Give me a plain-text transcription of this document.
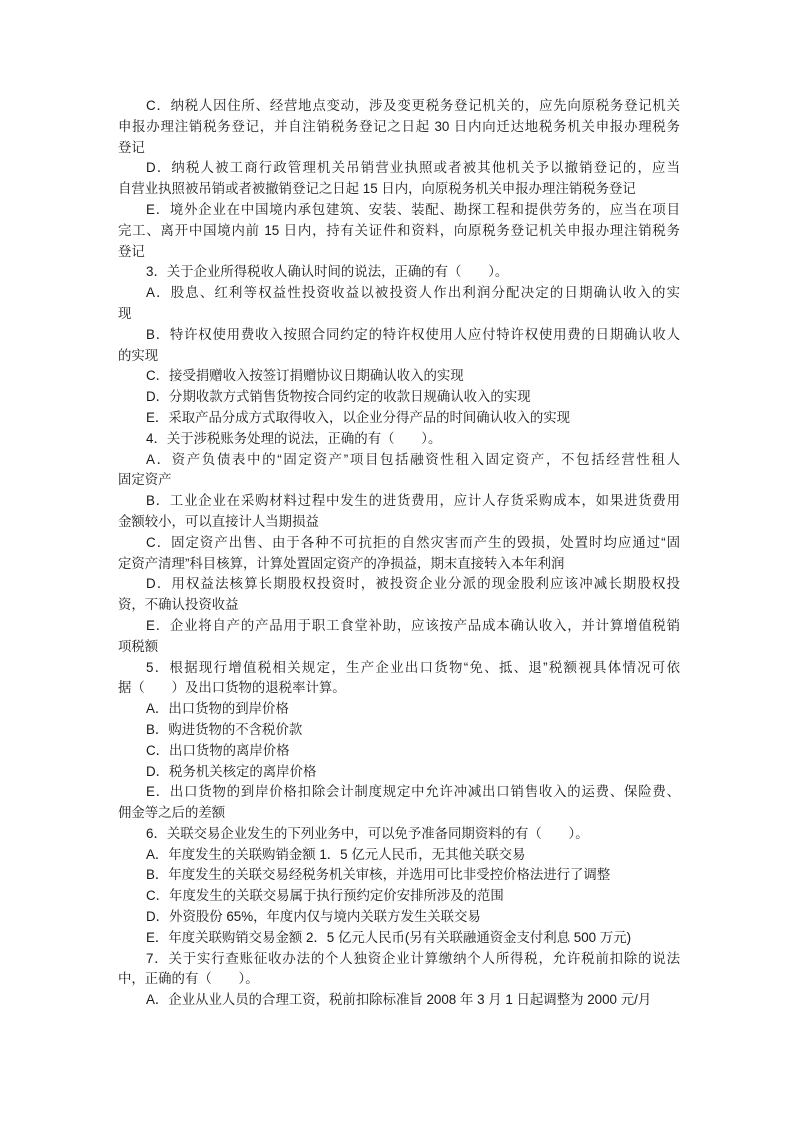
C．纳税人因住所、经营地点变动，涉及变更税务登记机关的，应先向原税务登记机关
申报办理注销税务登记，并自注销税务登记之日起 30 日内向迁达地税务机关申报办理税务
登记
D．纳税人被工商行政管理机关吊销营业执照或者被其他机关予以撤销登记的，应当
自营业执照被吊销或者被撤销登记之日起 15 日内，向原税务机关申报办理注销税务登记
E．境外企业在中国境内承包建筑、安装、装配、勘探工程和提供劳务的，应当在项目
完工、离开中国境内前 15 日内，持有关证件和资料，向原税务登记机关申报办理注销税务
登记
3．关于企业所得税收人确认时间的说法，正确的有（　　）。
A．股息、红利等权益性投资收益以被投资人作出利润分配决定的日期确认收入的实
现
B．特许权使用费收入按照合同约定的特许权使用人应付特许权使用费的日期确认收人
的实现
C．接受捐赠收入按签订捐赠协议日期确认收入的实现
D．分期收款方式销售货物按合同约定的收款日规确认收入的实现
E．采取产品分成方式取得收入，以企业分得产品的时间确认收入的实现
4．关于涉税账务处理的说法，正确的有（　　）。
A．资产负债表中的“固定资产”项目包括融资性租入固定资产，不包括经营性租人
固定资产
B．工业企业在采购材料过程中发生的进货费用，应计人存货采购成本，如果进货费用
金额较小，可以直接计人当期损益
C．固定资产出售、由于各种不可抗拒的自然灾害而产生的毁损，处置时均应通过“固
定资产清理”科目核算，计算处置固定资产的净损益，期末直接转入本年利润
D．用权益法核算长期股权投资时，被投资企业分派的现金股利应该冲减长期股权投
资，不确认投资收益
E．企业将自产的产品用于职工食堂补助，应该按产品成本确认收入，并计算增值税销
项税额
5．根据现行增值税相关规定，生产企业出口货物“免、抵、退”税额视具体情况可依
据（　　）及出口货物的退税率计算。
A．出口货物的到岸价格
B．购进货物的不含税价款
C．出口货物的离岸价格
D．税务机关核定的离岸价格
E．出口货物的到岸价格扣除会计制度规定中允许冲减出口销售收入的运费、保险费、
佣金等之后的差额
6．关联交易企业发生的下列业务中，可以免予准备同期资料的有（　　）。
A．年度发生的关联购销金额 1．5 亿元人民币，无其他关联交易
B．年度发生的关联交易经税务机关审核，并选用可比非受控价格法进行了调整
C．年度发生的关联交易属于执行预约定价安排所涉及的范围
D．外资股份 65%，年度内仅与境内关联方发生关联交易
E．年度关联购销交易金额 2．5 亿元人民币(另有关联融通资金支付利息 500 万元)
7．关于实行查账征收办法的个人独资企业计算缴纳个人所得税，允许税前扣除的说法
中，正确的有（　　）。
A．企业从业人员的合理工资，税前扣除标准旨 2008 年 3 月 1 日起调整为 2000 元/月
